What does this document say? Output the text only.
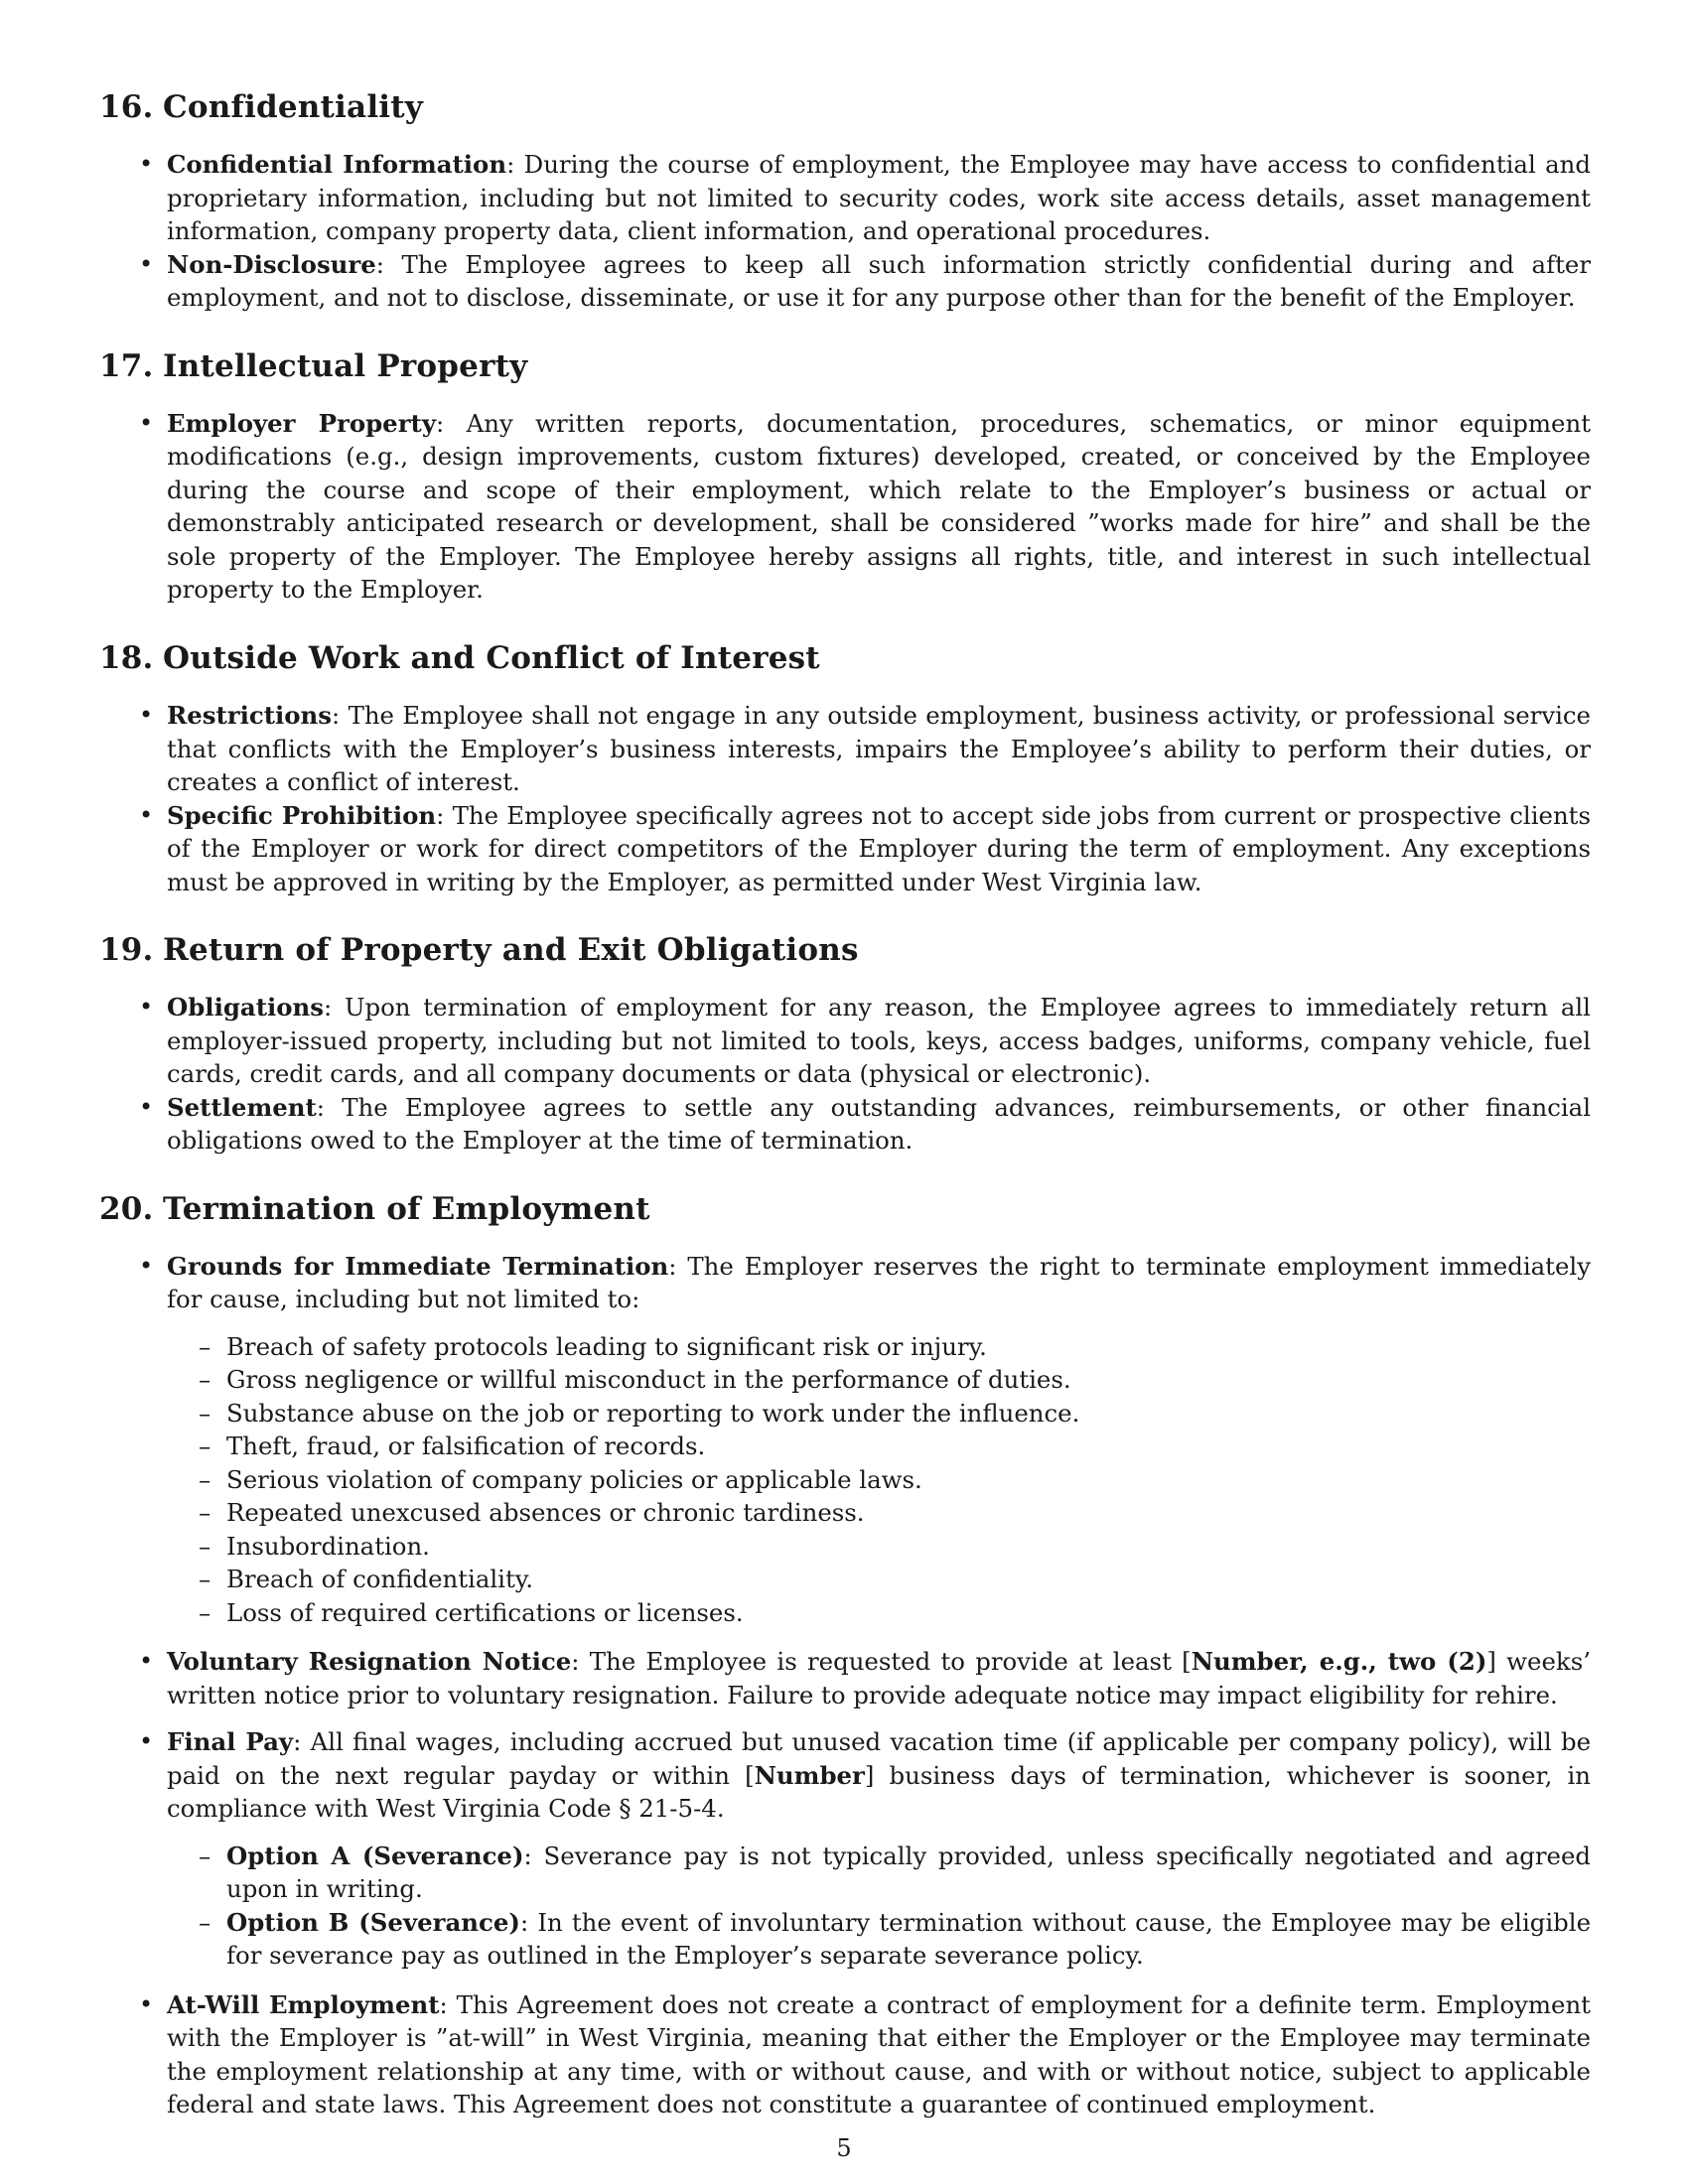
16. Confidentiality
• Confidential Information: During the course of employment, the Employee may have access to confidential and proprietary information, including but not limited to security codes, work site access details, asset management information, company property data, client information, and operational procedures.
• Non-Disclosure: The Employee agrees to keep all such information strictly confidential during and after employment, and not to disclose, disseminate, or use it for any purpose other than for the benefit of the Employer.
17. Intellectual Property
• Employer Property: Any written reports, documentation, procedures, schematics, or minor equipment modifications (e.g., design improvements, custom fixtures) developed, created, or conceived by the Employee during the course and scope of their employment, which relate to the Employer’s business or actual or demonstrably anticipated research or development, shall be considered ”works made for hire” and shall be the sole property of the Employer. The Employee hereby assigns all rights, title, and interest in such intellectual property to the Employer.
18. Outside Work and Conflict of Interest
• Restrictions: The Employee shall not engage in any outside employment, business activity, or professional service that conflicts with the Employer’s business interests, impairs the Employee’s ability to perform their duties, or creates a conflict of interest.
• Specific Prohibition: The Employee specifically agrees not to accept side jobs from current or prospective clients of the Employer or work for direct competitors of the Employer during the term of employment. Any exceptions must be approved in writing by the Employer, as permitted under West Virginia law.
19. Return of Property and Exit Obligations
• Obligations: Upon termination of employment for any reason, the Employee agrees to immediately return all employer-issued property, including but not limited to tools, keys, access badges, uniforms, company vehicle, fuel cards, credit cards, and all company documents or data (physical or electronic).
• Settlement: The Employee agrees to settle any outstanding advances, reimbursements, or other financial obligations owed to the Employer at the time of termination.
20. Termination of Employment
• Grounds for Immediate Termination: The Employer reserves the right to terminate employment immediately for cause, including but not limited to:
– Breach of safety protocols leading to significant risk or injury.
– Gross negligence or willful misconduct in the performance of duties.
– Substance abuse on the job or reporting to work under the influence.
– Theft, fraud, or falsification of records.
– Serious violation of company policies or applicable laws.
– Repeated unexcused absences or chronic tardiness.
– Insubordination.
– Breach of confidentiality.
– Loss of required certifications or licenses.
• Voluntary Resignation Notice: The Employee is requested to provide at least [Number, e.g., two (2)] weeks’ written notice prior to voluntary resignation. Failure to provide adequate notice may impact eligibility for rehire.
• Final Pay: All final wages, including accrued but unused vacation time (if applicable per company policy), will be paid on the next regular payday or within [Number] business days of termination, whichever is sooner, in compliance with West Virginia Code § 21-5-4.
– Option A (Severance): Severance pay is not typically provided, unless specifically negotiated and agreed upon in writing.
– Option B (Severance): In the event of involuntary termination without cause, the Employee may be eligible for severance pay as outlined in the Employer’s separate severance policy.
• At-Will Employment: This Agreement does not create a contract of employment for a definite term. Employment with the Employer is ”at-will” in West Virginia, meaning that either the Employer or the Employee may terminate the employment relationship at any time, with or without cause, and with or without notice, subject to applicable federal and state laws. This Agreement does not constitute a guarantee of continued employment.
5
